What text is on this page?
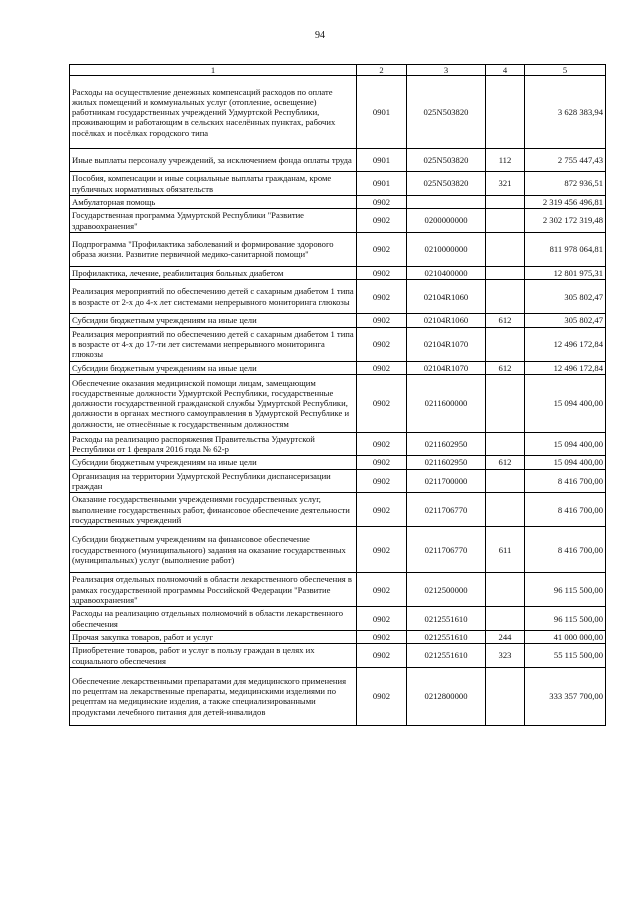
94
1	2	3	4	5
Расходы на осуществление денежных компенсаций расходов по оплате жилых помещений и коммунальных услуг (отопление, освещение) работникам государственных учреждений Удмуртской Республики, проживающим и работающим в сельских населённых пунктах, рабочих посёлках и посёлках городского типа	0901	025N503820		3 628 383,94
Иные выплаты персоналу учреждений, за исключением фонда оплаты труда	0901	025N503820	112	2 755 447,43
Пособия, компенсации и иные социальные выплаты гражданам, кроме публичных нормативных обязательств	0901	025N503820	321	872 936,51
Амбулаторная помощь	0902			2 319 456 496,81
Государственная программа Удмуртской Республики "Развитие здравоохранения"	0902	0200000000		2 302 172 319,48
Подпрограмма "Профилактика заболеваний и формирование здорового образа жизни. Развитие первичной медико-санитарной помощи"	0902	0210000000		811 978 064,81
Профилактика, лечение, реабилитация больных диабетом	0902	0210400000		12 801 975,31
Реализация мероприятий по обеспечению детей с сахарным диабетом 1 типа в возрасте от 2-х до 4-х лет системами непрерывного мониторинга глюкозы	0902	02104R1060		305 802,47
Субсидии бюджетным учреждениям на иные цели	0902	02104R1060	612	305 802,47
Реализация мероприятий по обеспечению детей с сахарным диабетом 1 типа в возрасте от 4-х до 17-ти лет системами непрерывного мониторинга глюкозы	0902	02104R1070		12 496 172,84
Субсидии бюджетным учреждениям на иные цели	0902	02104R1070	612	12 496 172,84
Обеспечение оказания медицинской помощи лицам, замещающим государственные должности Удмуртской Республики, государственные должности государственной гражданской службы Удмуртской Республики, должности в органах местного самоуправления в Удмуртской Республике и должности, не отнесённые к государственным должностям	0902	0211600000		15 094 400,00
Расходы на реализацию распоряжения Правительства Удмуртской Республики от 1 февраля 2016 года № 62-р	0902	0211602950		15 094 400,00
Субсидии бюджетным учреждениям на иные цели	0902	0211602950	612	15 094 400,00
Организация на территории Удмуртской Республики диспансеризации граждан	0902	0211700000		8 416 700,00
Оказание государственными учреждениями государственных услуг, выполнение государственных работ, финансовое обеспечение деятельности государственных учреждений	0902	0211706770		8 416 700,00
Субсидии бюджетным учреждениям на финансовое обеспечение государственного (муниципального) задания на оказание государственных (муниципальных) услуг (выполнение работ)	0902	0211706770	611	8 416 700,00
Реализация отдельных полномочий в области лекарственного обеспечения в рамках государственной программы Российской Федерации "Развитие здравоохранения"	0902	0212500000		96 115 500,00
Расходы на реализацию отдельных полномочий в области лекарственного обеспечения	0902	0212551610		96 115 500,00
Прочая закупка товаров, работ и услуг	0902	0212551610	244	41 000 000,00
Приобретение товаров, работ и услуг в пользу граждан в целях их социального обеспечения	0902	0212551610	323	55 115 500,00
Обеспечение лекарственными препаратами для медицинского применения по рецептам на лекарственные препараты, медицинскими изделиями по рецептам на медицинские изделия, а также специализированными продуктами лечебного питания для детей-инвалидов	0902	0212800000		333 357 700,00
